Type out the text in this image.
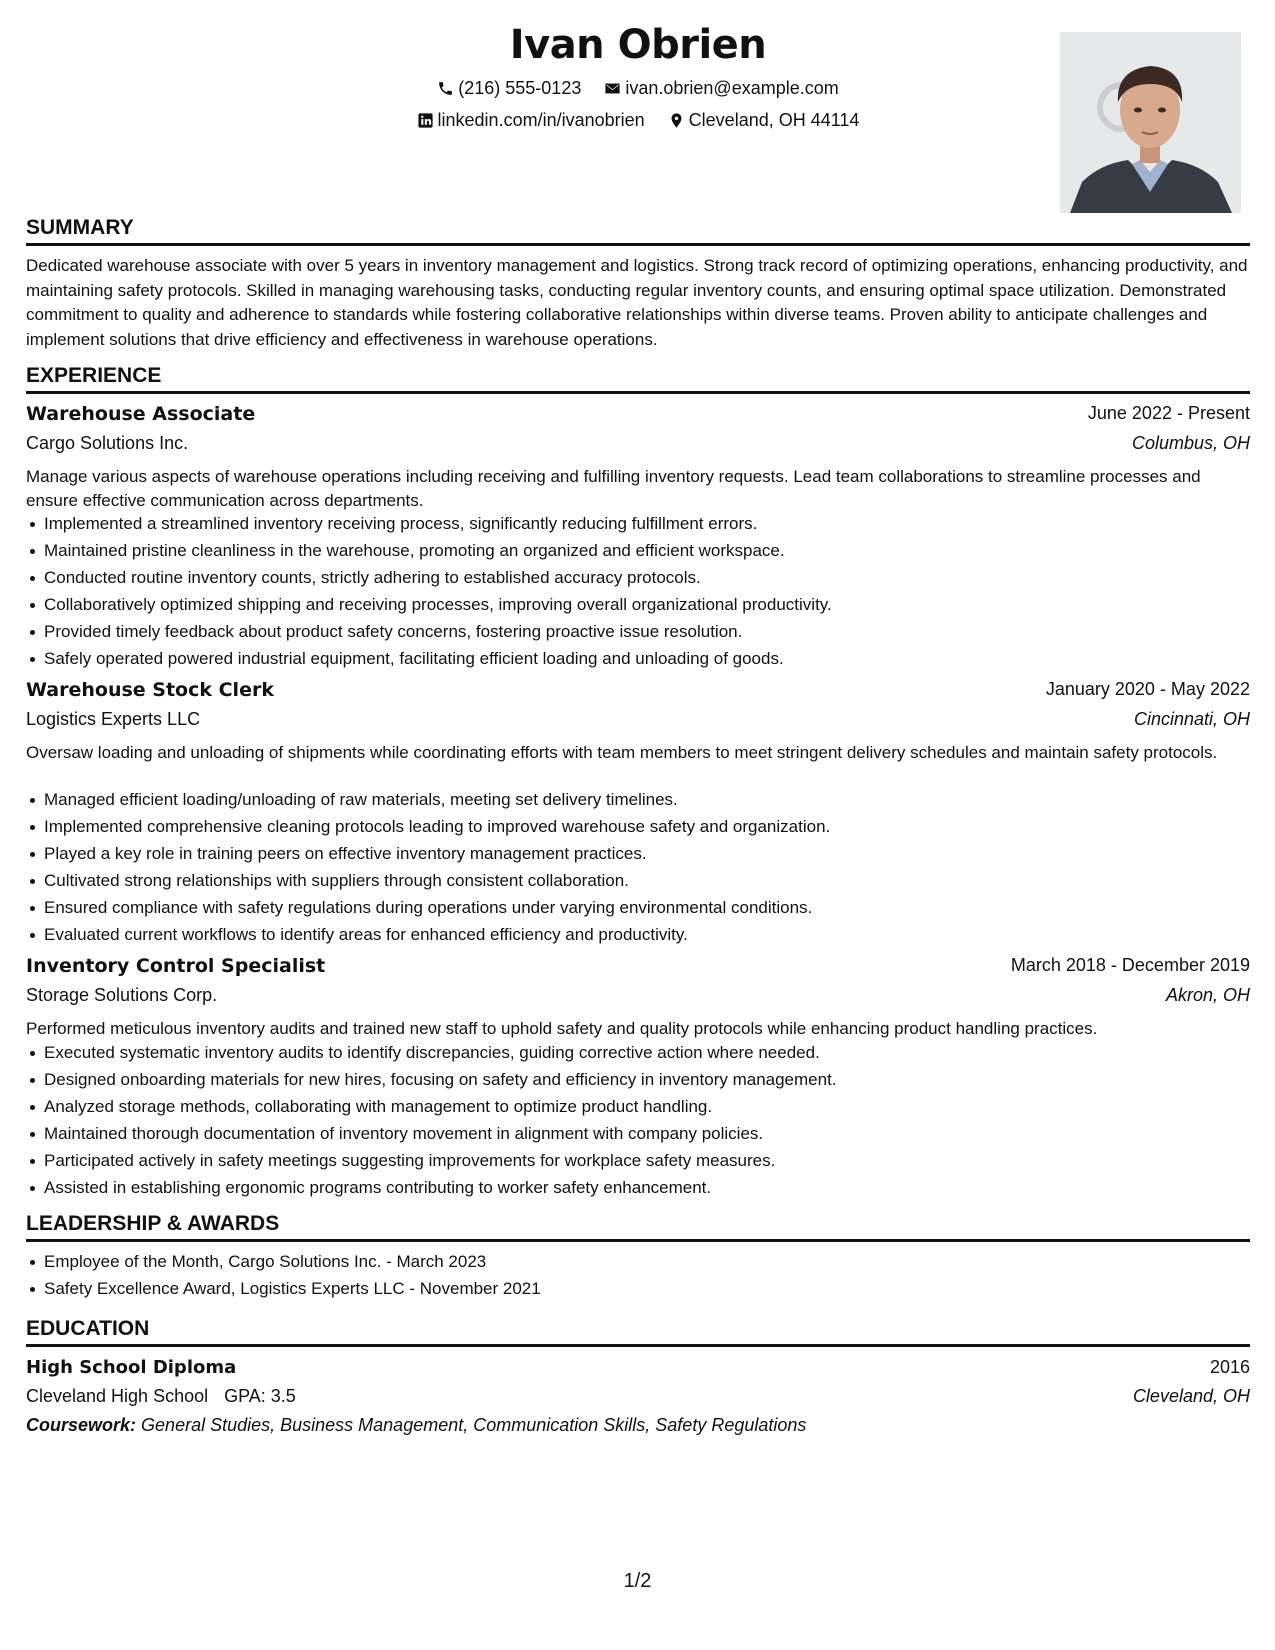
Ivan Obrien
(216) 555-0123
ivan.obrien@example.com
linkedin.com/in/ivanobrien
Cleveland, OH 44114
SUMMARY
Dedicated warehouse associate with over 5 years in inventory management and logistics. Strong track record of optimizing operations, enhancing productivity, and maintaining safety protocols. Skilled in managing warehousing tasks, conducting regular inventory counts, and ensuring optimal space utilization. Demonstrated commitment to quality and adherence to standards while fostering collaborative relationships within diverse teams. Proven ability to anticipate challenges and implement solutions that drive efficiency and effectiveness in warehouse operations.
EXPERIENCE
Warehouse Associate	June 2022 - Present
Cargo Solutions Inc.	Columbus, OH
Manage various aspects of warehouse operations including receiving and fulfilling inventory requests. Lead team collaborations to streamline processes and ensure effective communication across departments.
Implemented a streamlined inventory receiving process, significantly reducing fulfillment errors.
Maintained pristine cleanliness in the warehouse, promoting an organized and efficient workspace.
Conducted routine inventory counts, strictly adhering to established accuracy protocols.
Collaboratively optimized shipping and receiving processes, improving overall organizational productivity.
Provided timely feedback about product safety concerns, fostering proactive issue resolution.
Safely operated powered industrial equipment, facilitating efficient loading and unloading of goods.
Warehouse Stock Clerk	January 2020 - May 2022
Logistics Experts LLC	Cincinnati, OH
Oversaw loading and unloading of shipments while coordinating efforts with team members to meet stringent delivery schedules and maintain safety protocols.
Managed efficient loading/unloading of raw materials, meeting set delivery timelines.
Implemented comprehensive cleaning protocols leading to improved warehouse safety and organization.
Played a key role in training peers on effective inventory management practices.
Cultivated strong relationships with suppliers through consistent collaboration.
Ensured compliance with safety regulations during operations under varying environmental conditions.
Evaluated current workflows to identify areas for enhanced efficiency and productivity.
Inventory Control Specialist	March 2018 - December 2019
Storage Solutions Corp.	Akron, OH
Performed meticulous inventory audits and trained new staff to uphold safety and quality protocols while enhancing product handling practices.
Executed systematic inventory audits to identify discrepancies, guiding corrective action where needed.
Designed onboarding materials for new hires, focusing on safety and efficiency in inventory management.
Analyzed storage methods, collaborating with management to optimize product handling.
Maintained thorough documentation of inventory movement in alignment with company policies.
Participated actively in safety meetings suggesting improvements for workplace safety measures.
Assisted in establishing ergonomic programs contributing to worker safety enhancement.
LEADERSHIP & AWARDS
Employee of the Month, Cargo Solutions Inc. - March 2023
Safety Excellence Award, Logistics Experts LLC - November 2021
EDUCATION
High School Diploma	2016
Cleveland High School GPA: 3.5	Cleveland, OH
Coursework: General Studies, Business Management, Communication Skills, Safety Regulations
1/2
